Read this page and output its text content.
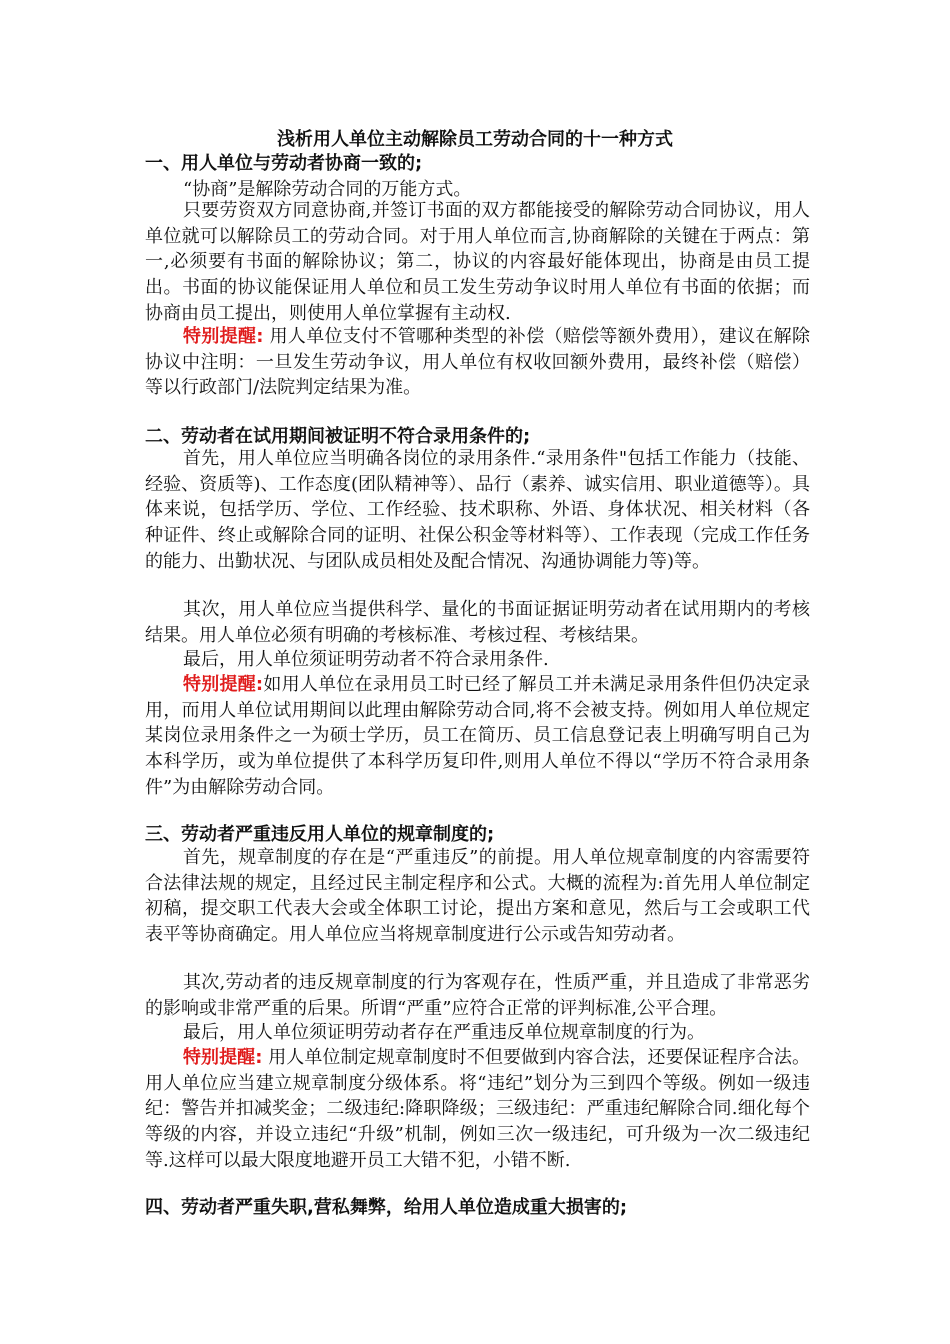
浅析用人单位主动解除员工劳动合同的十一种方式
一、用人单位与劳动者协商一致的;
“协商”是解除劳动合同的万能方式。
只要劳资双方同意协商,并签订书面的双方都能接受的解除劳动合同协议，用人单位就可以解除员工的劳动合同。对于用人单位而言,协商解除的关键在于两点：第一,必须要有书面的解除协议；第二，协议的内容最好能体现出，协商是由员工提出。书面的协议能保证用人单位和员工发生劳动争议时用人单位有书面的依据；而协商由员工提出，则使用人单位掌握有主动权.
特别提醒: 用人单位支付不管哪种类型的补偿（赔偿等额外费用），建议在解除协议中注明：一旦发生劳动争议，用人单位有权收回额外费用，最终补偿（赔偿）等以行政部门/法院判定结果为准。
二、劳动者在试用期间被证明不符合录用条件的;
首先，用人单位应当明确各岗位的录用条件.“录用条件"包括工作能力（技能、经验、资质等)、工作态度(团队精神等）、品行（素养、诚实信用、职业道德等）。具体来说，包括学历、学位、工作经验、技术职称、外语、身体状况、相关材料（各种证件、终止或解除合同的证明、社保公积金等材料等）、工作表现（完成工作任务的能力、出勤状况、与团队成员相处及配合情况、沟通协调能力等)等。
其次，用人单位应当提供科学、量化的书面证据证明劳动者在试用期内的考核结果。用人单位必须有明确的考核标准、考核过程、考核结果。
最后，用人单位须证明劳动者不符合录用条件.
特别提醒:如用人单位在录用员工时已经了解员工并未满足录用条件但仍决定录用，而用人单位试用期间以此理由解除劳动合同,将不会被支持。例如用人单位规定某岗位录用条件之一为硕士学历，员工在简历、员工信息登记表上明确写明自己为本科学历，或为单位提供了本科学历复印件,则用人单位不得以“学历不符合录用条件”为由解除劳动合同。
三、劳动者严重违反用人单位的规章制度的;
首先，规章制度的存在是“严重违反”的前提。用人单位规章制度的内容需要符合法律法规的规定，且经过民主制定程序和公式。大概的流程为:首先用人单位制定初稿，提交职工代表大会或全体职工讨论，提出方案和意见，然后与工会或职工代表平等协商确定。用人单位应当将规章制度进行公示或告知劳动者。
其次,劳动者的违反规章制度的行为客观存在，性质严重，并且造成了非常恶劣的影响或非常严重的后果。所谓“严重”应符合正常的评判标准,公平合理。
最后，用人单位须证明劳动者存在严重违反单位规章制度的行为。
特别提醒: 用人单位制定规章制度时不但要做到内容合法，还要保证程序合法。用人单位应当建立规章制度分级体系。将“违纪”划分为三到四个等级。例如一级违纪：警告并扣减奖金；二级违纪:降职降级；三级违纪：严重违纪解除合同.细化每个等级的内容，并设立违纪“升级”机制，例如三次一级违纪，可升级为一次二级违纪等.这样可以最大限度地避开员工大错不犯，小错不断.
四、劳动者严重失职,营私舞弊，给用人单位造成重大损害的;
